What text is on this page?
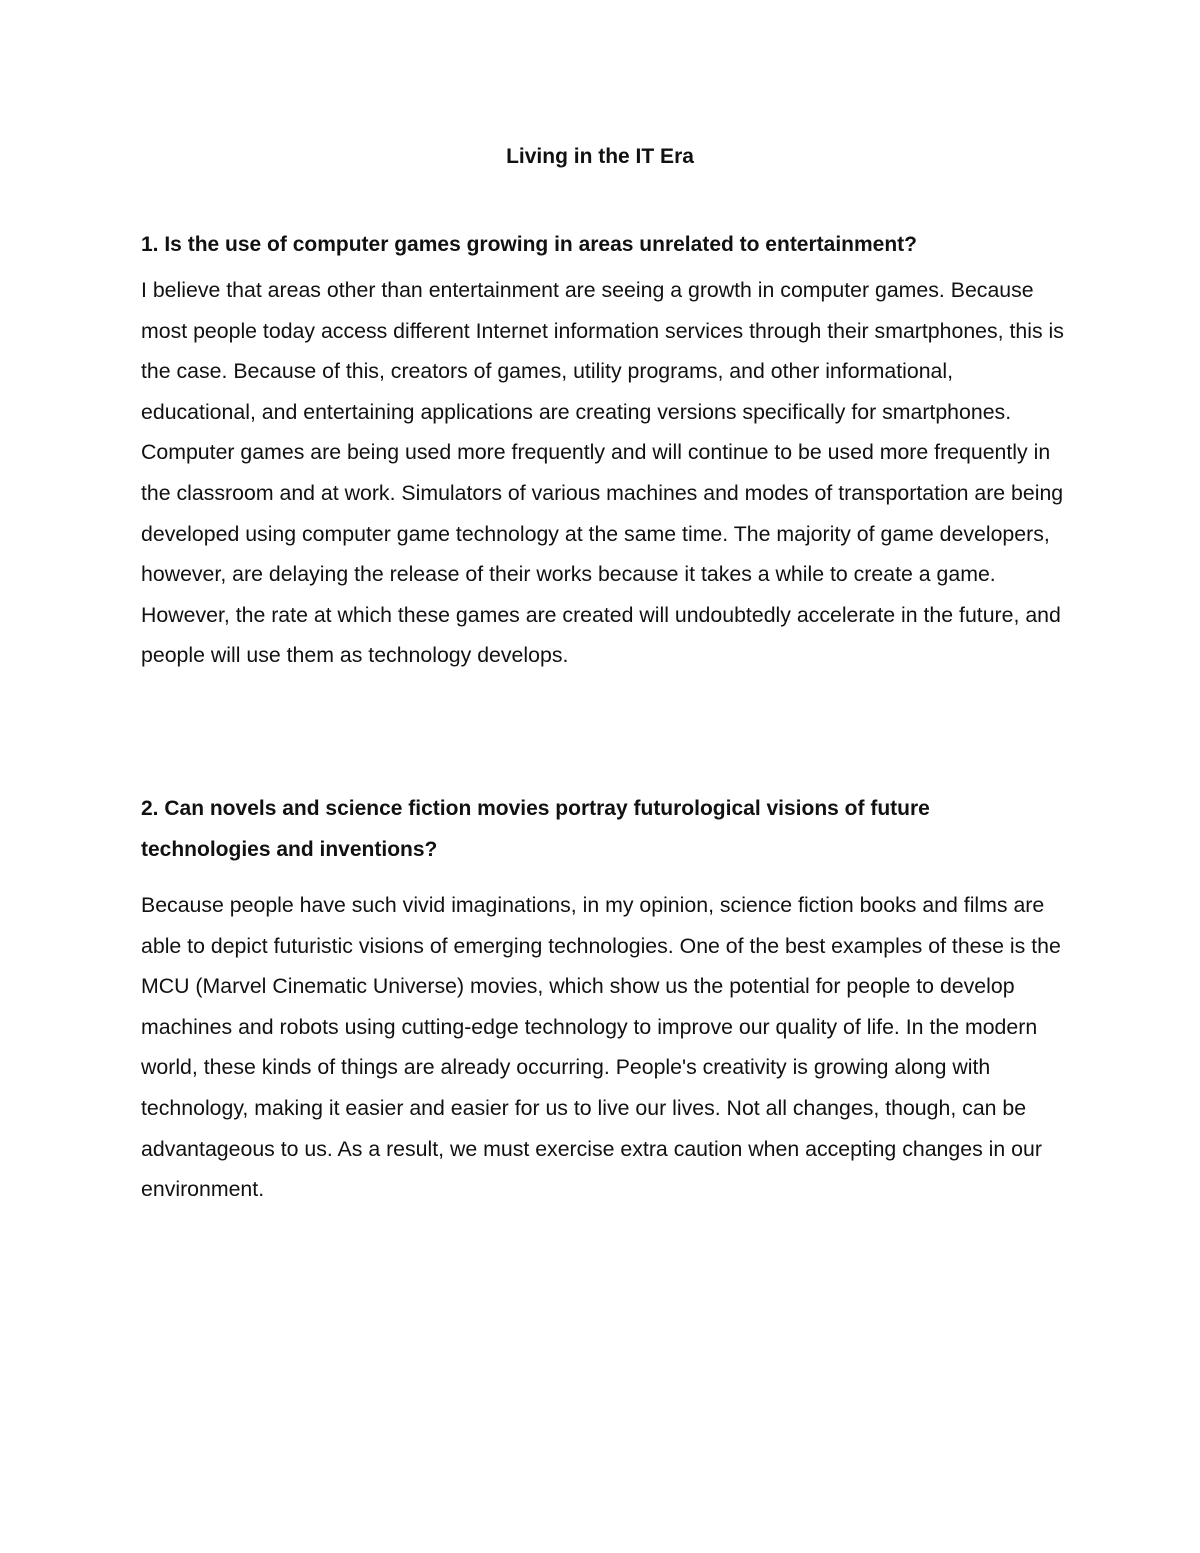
Living in the IT Era

1. Is the use of computer games growing in areas unrelated to entertainment?

I believe that areas other than entertainment are seeing a growth in computer games. Because most people today access different Internet information services through their smartphones, this is the case. Because of this, creators of games, utility programs, and other informational, educational, and entertaining applications are creating versions specifically for smartphones. Computer games are being used more frequently and will continue to be used more frequently in the classroom and at work. Simulators of various machines and modes of transportation are being developed using computer game technology at the same time. The majority of game developers, however, are delaying the release of their works because it takes a while to create a game. However, the rate at which these games are created will undoubtedly accelerate in the future, and people will use them as technology develops.

2. Can novels and science fiction movies portray futurological visions of future technologies and inventions?

Because people have such vivid imaginations, in my opinion, science fiction books and films are able to depict futuristic visions of emerging technologies. One of the best examples of these is the MCU (Marvel Cinematic Universe) movies, which show us the potential for people to develop machines and robots using cutting-edge technology to improve our quality of life. In the modern world, these kinds of things are already occurring. People's creativity is growing along with technology, making it easier and easier for us to live our lives. Not all changes, though, can be advantageous to us. As a result, we must exercise extra caution when accepting changes in our environment.
